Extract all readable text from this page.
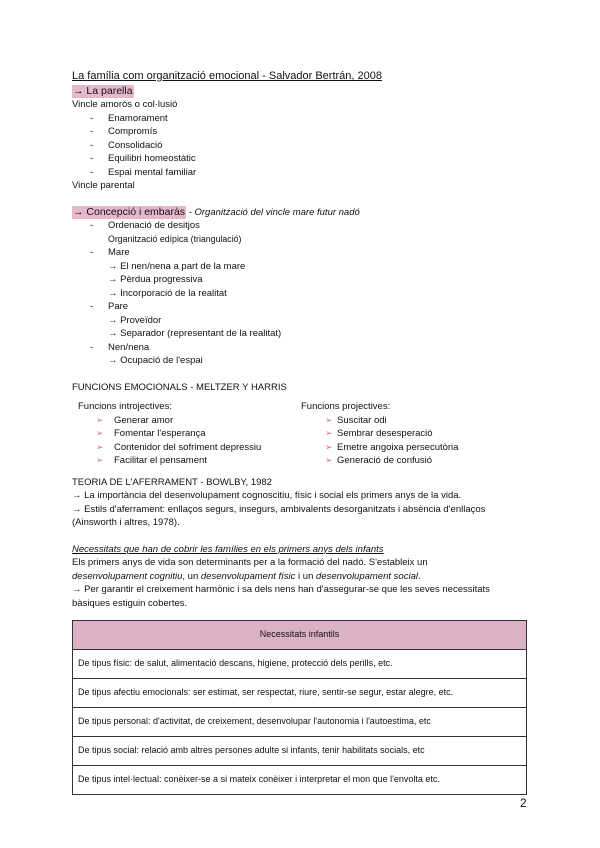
La família com organització emocional - Salvador Bertrán, 2008
→ La parella
Vincle amorós o col·lusió
- Enamorament
- Compromís
- Consolidació
- Equilibri homeostàtic
- Espai mental familiar
Vincle parental
→ Concepció i embaràs - Organització del vincle mare futur nadó
- Ordenació de desitjos
Organització edípica (triangulació)
- Mare
→ El nen/nena a part de la mare
→ Pèrdua progressiva
→ Incorporació de la realitat
- Pare
→ Proveïdor
→ Separador (representant de la realitat)
- Nen/nena
→ Ocupació de l'espai
FUNCIONS EMOCIONALS - MELTZER Y HARRIS
Funcions introjectives:
➢ Generar amor
➢ Fomentar l'esperança
➢ Contenidor del sofriment depressiu
➢ Facilitar el pensament
Funcions projectives:
➢ Suscitar odi
➢ Sembrar desesperació
➢ Emetre angoixa persecutòria
➢ Generació de confusió
TEORIA DE L'AFERRAMENT - BOWLBY, 1982
→ La importància del desenvolupament cognoscitiu, físic i social els primers anys de la vida.
→ Estils d'aferrament: enllaços segurs, insegurs, ambivalents desorganitzats i absència d'enllaços
(Ainsworth i altres, 1978).
Necessitats que han de cobrir les famílies en els primers anys dels infants
Els primers anys de vida son determinants per a la formació del nadó. S'estableix un
desenvolupament cognitiu, un desenvolupament físic i un desenvolupament social.
→ Per garantir el creixement harmònic i sa dels nens han d'assegurar-se que les seves necessitats
bàsiques estiguin cobertes.
Necessitats infantils
De tipus físic: de salut, alimentació descans, higiene, protecció dels perills, etc.
De tipus afectiu emocionals: ser estimat, ser respectat, riure, sentir-se segur, estar alegre, etc.
De tipus personal: d'activitat, de creixement, desenvolupar l'autonomia i l'autoestima, etc
De tipus social: relació amb altres persones adulte si infants, tenir habilitats socials, etc
De tipus intel·lectual: conèixer-se a si mateix conèixer i interpretar el mon que l'envolta etc.
2
